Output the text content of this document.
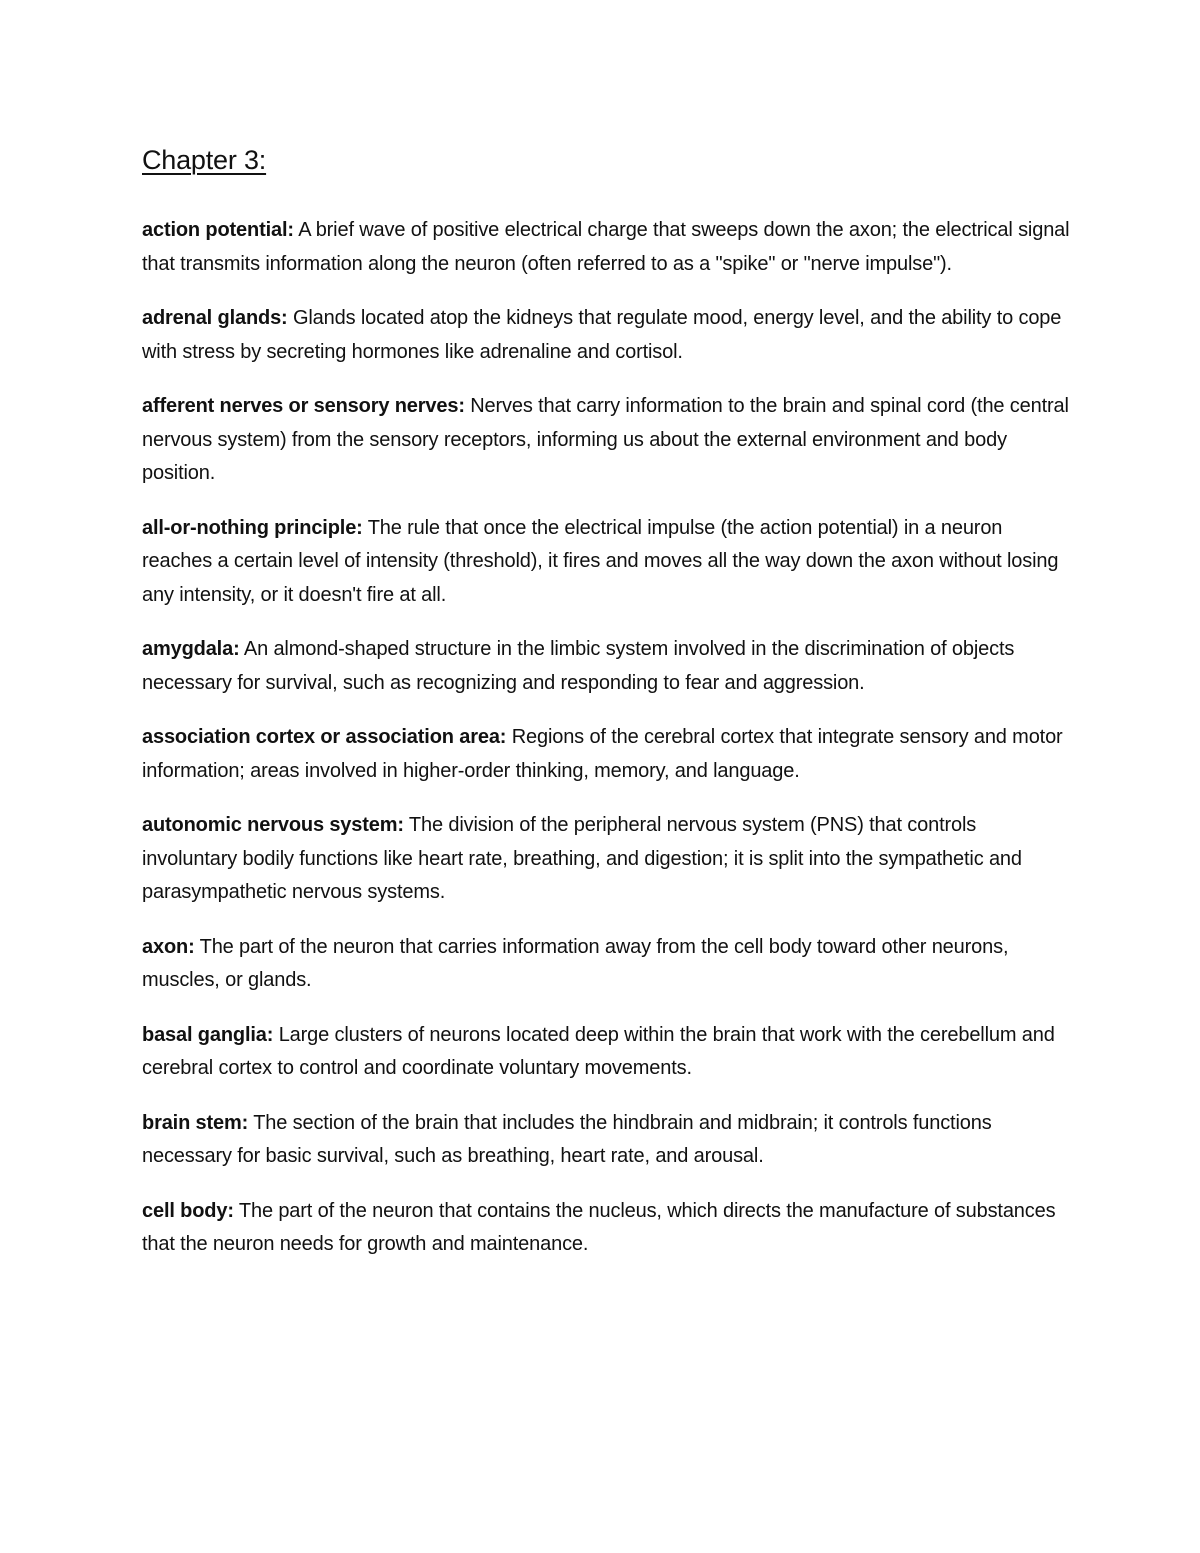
Chapter 3:

action potential: A brief wave of positive electrical charge that sweeps down the axon; the electrical signal that transmits information along the neuron (often referred to as a "spike" or "nerve impulse").

adrenal glands: Glands located atop the kidneys that regulate mood, energy level, and the ability to cope with stress by secreting hormones like adrenaline and cortisol.

afferent nerves or sensory nerves: Nerves that carry information to the brain and spinal cord (the central nervous system) from the sensory receptors, informing us about the external environment and body position.

all-or-nothing principle: The rule that once the electrical impulse (the action potential) in a neuron reaches a certain level of intensity (threshold), it fires and moves all the way down the axon without losing any intensity, or it doesn't fire at all.

amygdala: An almond-shaped structure in the limbic system involved in the discrimination of objects necessary for survival, such as recognizing and responding to fear and aggression.

association cortex or association area: Regions of the cerebral cortex that integrate sensory and motor information; areas involved in higher-order thinking, memory, and language.

autonomic nervous system: The division of the peripheral nervous system (PNS) that controls involuntary bodily functions like heart rate, breathing, and digestion; it is split into the sympathetic and parasympathetic nervous systems.

axon: The part of the neuron that carries information away from the cell body toward other neurons, muscles, or glands.

basal ganglia: Large clusters of neurons located deep within the brain that work with the cerebellum and cerebral cortex to control and coordinate voluntary movements.

brain stem: The section of the brain that includes the hindbrain and midbrain; it controls functions necessary for basic survival, such as breathing, heart rate, and arousal.

cell body: The part of the neuron that contains the nucleus, which directs the manufacture of substances that the neuron needs for growth and maintenance.
